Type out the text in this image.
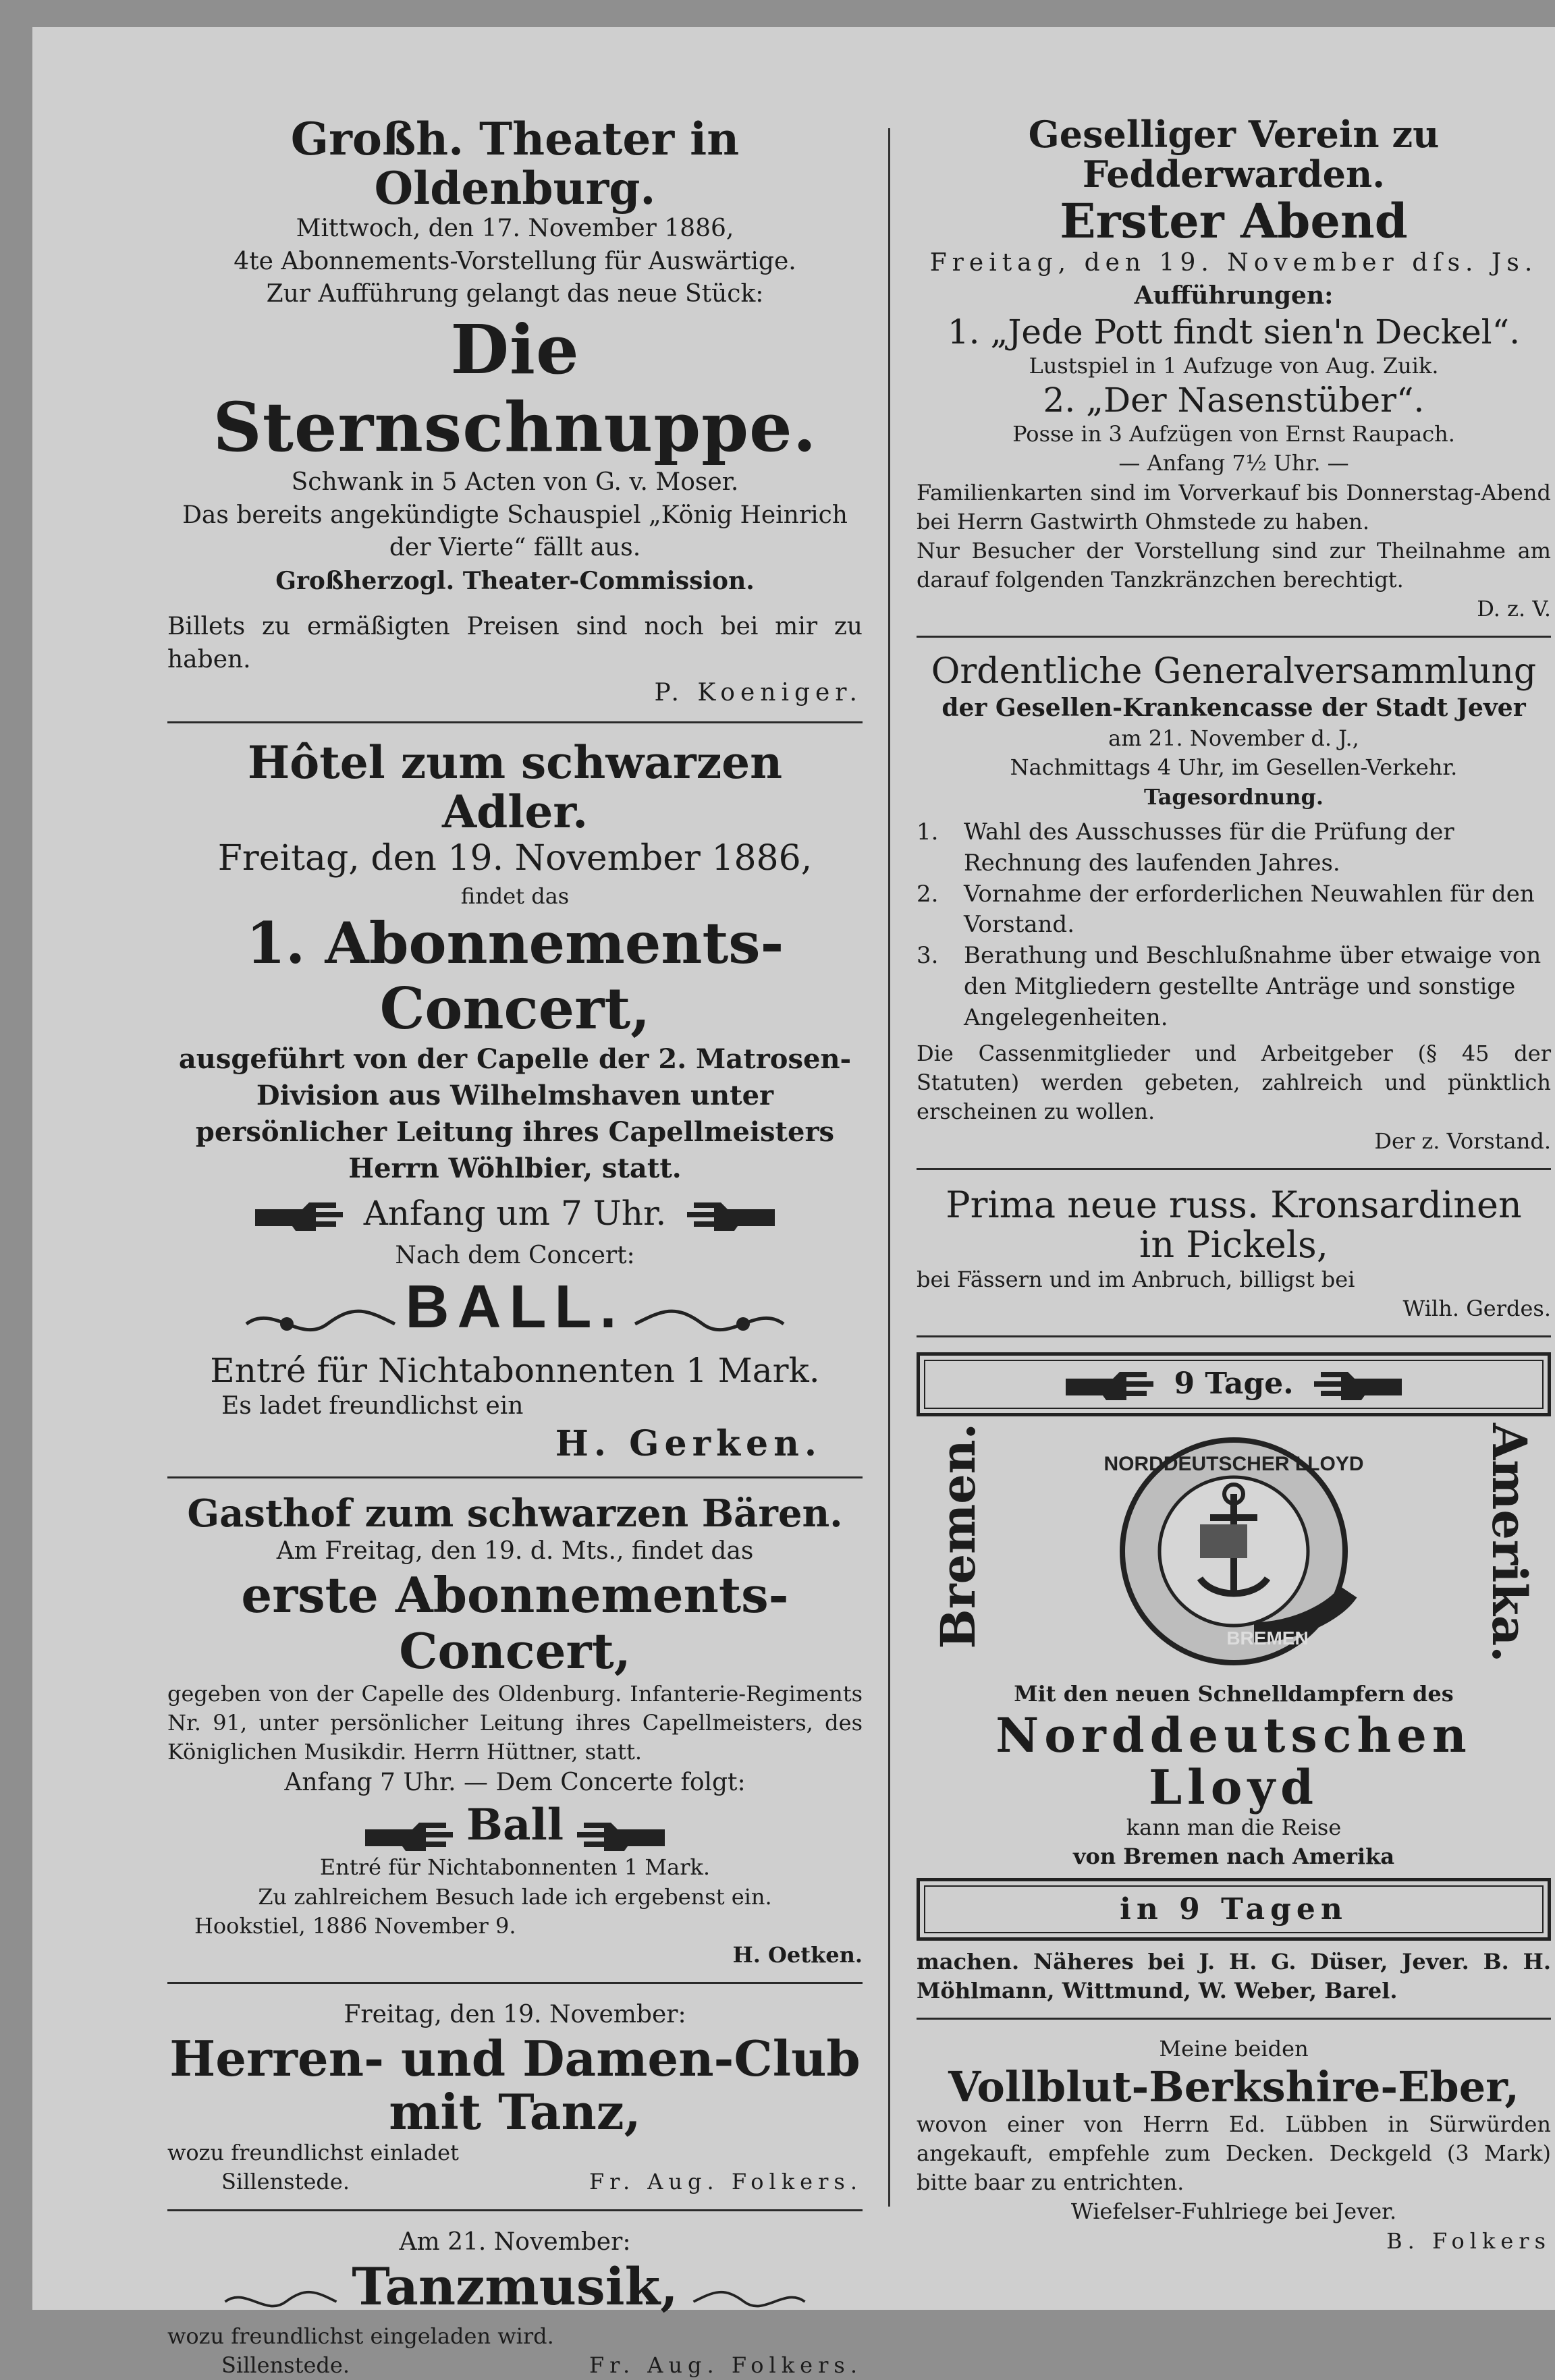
Großh. Theater in Oldenburg.
Mittwoch, den 17. November 1886,
4te Abonnements-Vorstellung für Auswärtige.
Zur Aufführung gelangt das neue Stück:
Die Sternschnuppe.
Schwank in 5 Acten von G. v. Moser.
Das bereits angekündigte Schauspiel „König Heinrich der Vierte“ fällt aus.
Großherzogl. Theater-Commission.
Billets zu ermäßigten Preisen sind noch bei mir zu haben.
P. Koeniger.
Hôtel zum schwarzen Adler.
Freitag, den 19. November 1886,
findet das
1. Abonnements-Concert,
ausgeführt von der Capelle der 2. Matrosen-Division aus Wilhelmshaven unter persönlicher Leitung ihres Capellmeisters Herrn Wöhlbier, statt.
Anfang um 7 Uhr.
Nach dem Concert:
BALL.
Entré für Nichtabonnenten 1 Mark.
Es ladet freundlichst ein
H. Gerken.
Gasthof zum schwarzen Bären.
Am Freitag, den 19. d. Mts., findet das
erste Abonnements-Concert,
gegeben von der Capelle des Oldenburg. Infanterie-Regiments Nr. 91, unter persönlicher Leitung ihres Capellmeisters, des Königlichen Musikdir. Herrn Hüttner, statt.
Anfang 7 Uhr. — Dem Concerte folgt:
Ball
Entré für Nichtabonnenten 1 Mark.
Zu zahlreichem Besuch lade ich ergebenst ein.
Hookstiel, 1886 November 9.
H. Oetken.
Freitag, den 19. November:
Herren- und Damen-Club
mit Tanz,
wozu freundlichst einladet
Sillenstede.	Fr. Aug. Folkers.
Am 21. November:
Tanzmusik,
wozu freundlichst eingeladen wird.
Sillenstede.	Fr. Aug. Folkers.
Geselliger Verein zu Fedderwarden.
Erster Abend
Freitag, den 19. November dſs. Js.
Aufführungen:
1. „Jede Pott findt sien'n Deckel“.
Lustspiel in 1 Aufzuge von Aug. Zuik.
2. „Der Nasenstüber“.
Posse in 3 Aufzügen von Ernst Raupach.
— Anfang 7½ Uhr. —
Familienkarten sind im Vorverkauf bis Donnerstag-Abend bei Herrn Gastwirth Ohmstede zu haben.
Nur Besucher der Vorstellung sind zur Theilnahme am darauf folgenden Tanzkränzchen berechtigt.
D. z. V.
Ordentliche Generalversammlung
der Gesellen-Krankencasse der Stadt Jever
am 21. November d. J.,
Nachmittags 4 Uhr, im Gesellen-Verkehr.
Tagesordnung.
1.	Wahl des Ausschusses für die Prüfung der Rechnung des laufenden Jahres.
2.	Vornahme der erforderlichen Neuwahlen für den Vorstand.
3.	Berathung und Beschlußnahme über etwaige von den Mitgliedern gestellte Anträge und sonstige Angelegenheiten.
Die Cassenmitglieder und Arbeitgeber (§ 45 der Statuten) werden gebeten, zahlreich und pünktlich erscheinen zu wollen.
Der z. Vorstand.
Prima neue russ. Kronsardinen
in Pickels,
bei Fässern und im Anbruch, billigst bei
Wilh. Gerdes.
9 Tage.
Bremen.	Amerika.
NORDDEUTSCHER LLOYD
BREMEN
Mit den neuen Schnelldampfern des
Norddeutschen Lloyd
kann man die Reise
von Bremen nach Amerika
in 9 Tagen
machen. Näheres bei J. H. G. Düser, Jever. B. H. Möhlmann, Wittmund, W. Weber, Barel.
Meine beiden
Vollblut-Berkshire-Eber,
wovon einer von Herrn Ed. Lübben in Sürwürden angekauft, empfehle zum Decken. Deckgeld (3 Mark) bitte baar zu entrichten.
Wiefelser-Fuhlriege bei Jever.
B. Folkers
